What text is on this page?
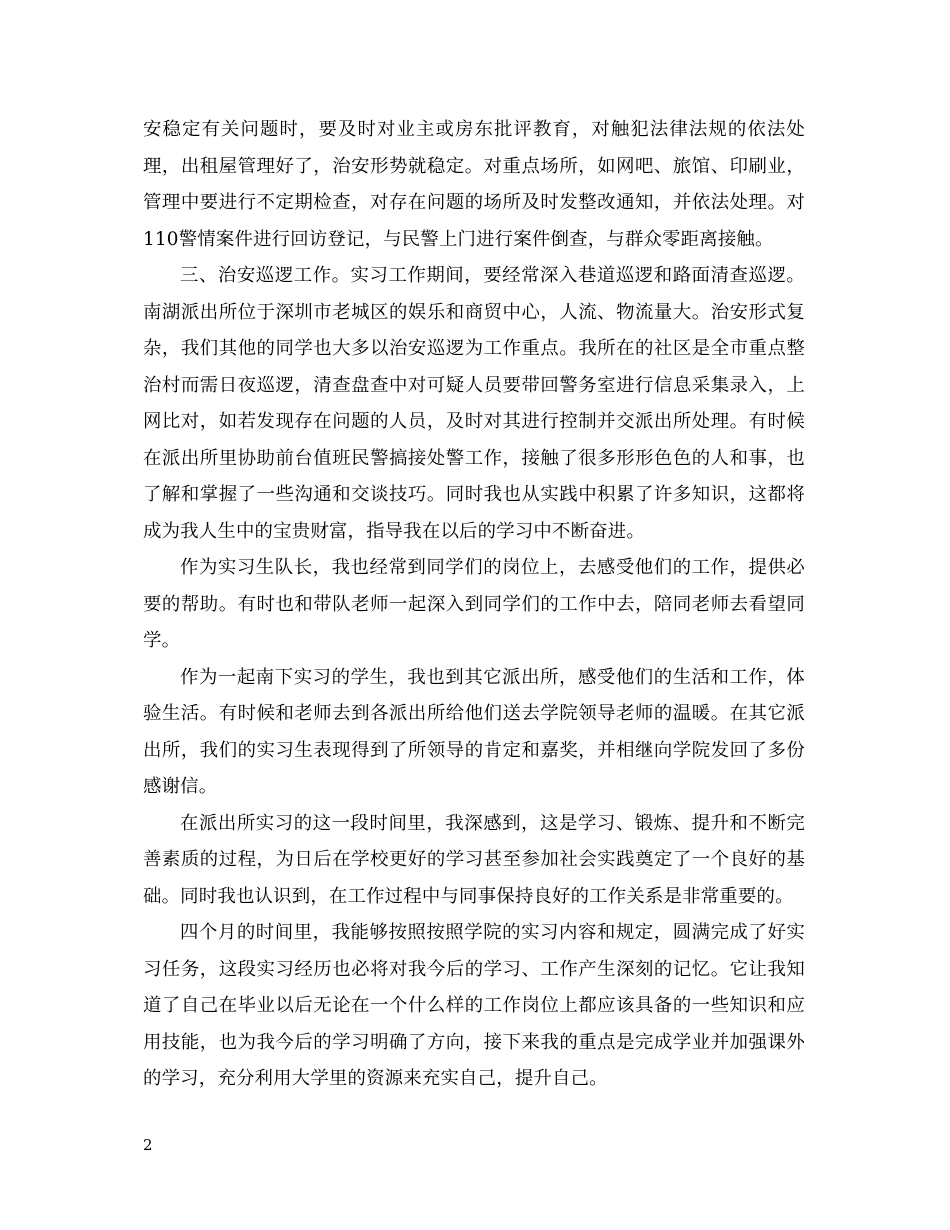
安稳定有关问题时，要及时对业主或房东批评教育，对触犯法律法规的依法处理，出租屋管理好了，治安形势就稳定。对重点场所，如网吧、旅馆、印刷业，管理中要进行不定期检查，对存在问题的场所及时发整改通知，并依法处理。对110警情案件进行回访登记，与民警上门进行案件倒查，与群众零距离接触。

三、治安巡逻工作。实习工作期间，要经常深入巷道巡逻和路面清查巡逻。南湖派出所位于深圳市老城区的娱乐和商贸中心，人流、物流量大。治安形式复杂，我们其他的同学也大多以治安巡逻为工作重点。我所在的社区是全市重点整治村而需日夜巡逻，清查盘查中对可疑人员要带回警务室进行信息采集录入，上网比对，如若发现存在问题的人员，及时对其进行控制并交派出所处理。有时候在派出所里协助前台值班民警搞接处警工作，接触了很多形形色色的人和事，也了解和掌握了一些沟通和交谈技巧。同时我也从实践中积累了许多知识，这都将成为我人生中的宝贵财富，指导我在以后的学习中不断奋进。

作为实习生队长，我也经常到同学们的岗位上，去感受他们的工作，提供必要的帮助。有时也和带队老师一起深入到同学们的工作中去，陪同老师去看望同学。

作为一起南下实习的学生，我也到其它派出所，感受他们的生活和工作，体验生活。有时候和老师去到各派出所给他们送去学院领导老师的温暖。在其它派出所，我们的实习生表现得到了所领导的肯定和嘉奖，并相继向学院发回了多份感谢信。

在派出所实习的这一段时间里，我深感到，这是学习、锻炼、提升和不断完善素质的过程，为日后在学校更好的学习甚至参加社会实践奠定了一个良好的基础。同时我也认识到，在工作过程中与同事保持良好的工作关系是非常重要的。

四个月的时间里，我能够按照按照学院的实习内容和规定，圆满完成了好实习任务，这段实习经历也必将对我今后的学习、工作产生深刻的记忆。它让我知道了自己在毕业以后无论在一个什么样的工作岗位上都应该具备的一些知识和应用技能，也为我今后的学习明确了方向，接下来我的重点是完成学业并加强课外的学习，充分利用大学里的资源来充实自己，提升自己。

2
